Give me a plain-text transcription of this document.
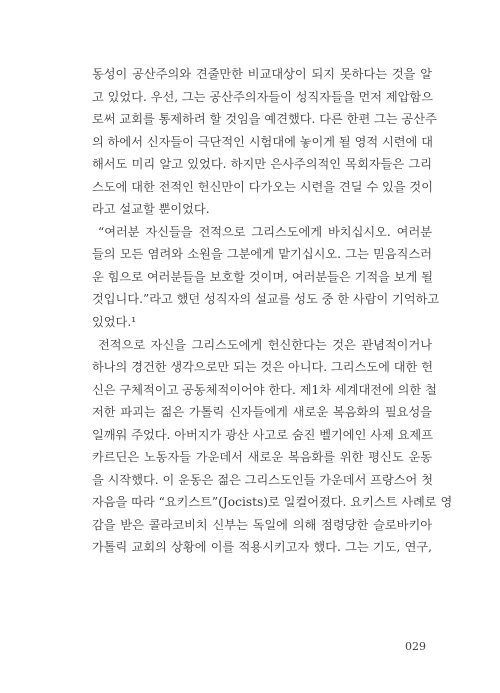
동성이 공산주의와 견줄만한 비교대상이 되지 못하다는 것을 알
고 있었다. 우선, 그는 공산주의자들이 성직자들을 먼저 제압함으
로써 교회를 통제하려 할 것임을 예견했다. 다른 한편 그는 공산주
의 하에서 신자들이 극단적인 시험대에 놓이게 될 영적 시련에 대
해서도 미리 알고 있었다. 하지만 은사주의적인 목회자들은 그리
스도에 대한 전적인 헌신만이 다가오는 시련을 견딜 수 있을 것이
라고 설교할 뿐이었다.
“여러분 자신들을 전적으로 그리스도에게 바치십시오. 여러분
들의 모든 염려와 소원을 그분에게 맡기십시오. 그는 믿음직스러
운 힘으로 여러분들을 보호할 것이며, 여러분들은 기적을 보게 될
것입니다.”라고 했던 성직자의 설교를 성도 중 한 사람이 기억하고
있었다.¹
전적으로 자신을 그리스도에게 헌신한다는 것은 관념적이거나
하나의 경건한 생각으로만 되는 것은 아니다. 그리스도에 대한 헌
신은 구체적이고 공동체적이어야 한다. 제1차 세계대전에 의한 철
저한 파괴는 젊은 가톨릭 신자들에게 새로운 복음화의 필요성을
일깨워 주었다. 아버지가 광산 사고로 숨진 벨기에인 사제 요제프
카르딘은 노동자들 가운데서 새로운 복음화를 위한 평신도 운동
을 시작했다. 이 운동은 젊은 그리스도인들 가운데서 프랑스어 첫
자음을 따라 “요키스트”(Jocists)로 일컬어졌다. 요키스트 사례로 영
감을 받은 콜라코비치 신부는 독일에 의해 점령당한 슬로바키아
가톨릭 교회의 상황에 이를 적용시키고자 했다. 그는 기도, 연구,
029
